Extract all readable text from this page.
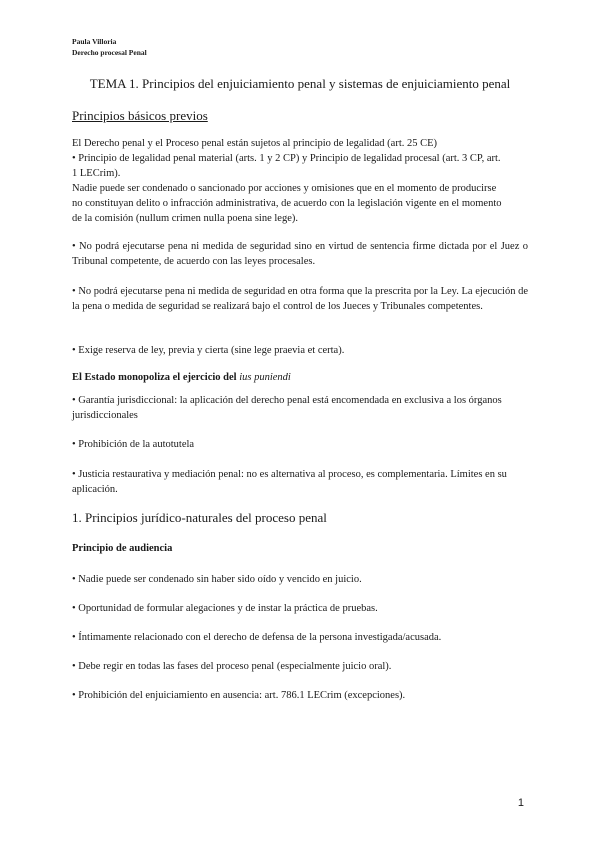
Paula Villoria
Derecho procesal Penal
TEMA 1. Principios del enjuiciamiento penal y sistemas de enjuiciamiento penal
Principios básicos previos
El Derecho penal y el Proceso penal están sujetos al principio de legalidad (art. 25 CE)
• Principio de legalidad penal material (arts. 1 y 2 CP) y Principio de legalidad procesal (art. 3 CP, art.
1 LECrim).
Nadie puede ser condenado o sancionado por acciones y omisiones que en el momento de producirse
no constituyan delito o infracción administrativa, de acuerdo con la legislación vigente en el momento
de la comisión (nullum crimen nulla poena sine lege).
• No podrá ejecutarse pena ni medida de seguridad sino en virtud de sentencia firme dictada por el Juez o Tribunal competente, de acuerdo con las leyes procesales.
• No podrá ejecutarse pena ni medida de seguridad en otra forma que la prescrita por la Ley. La ejecución de la pena o medida de seguridad se realizará bajo el control de los Jueces y Tribunales competentes.
• Exige reserva de ley, previa y cierta (sine lege praevia et certa).
El Estado monopoliza el ejercicio del ius puniendi
• Garantía jurisdiccional: la aplicación del derecho penal está encomendada en exclusiva a los órganos jurisdiccionales
• Prohibición de la autotutela
• Justicia restaurativa y mediación penal: no es alternativa al proceso, es complementaria. Límites en su aplicación.
1. Principios jurídico-naturales del proceso penal
Principio de audiencia
• Nadie puede ser condenado sin haber sido oído y vencido en juicio.
• Oportunidad de formular alegaciones y de instar la práctica de pruebas.
• Íntimamente relacionado con el derecho de defensa de la persona investigada/acusada.
• Debe regir en todas las fases del proceso penal (especialmente juicio oral).
• Prohibición del enjuiciamiento en ausencia: art. 786.1 LECrim (excepciones).
1
